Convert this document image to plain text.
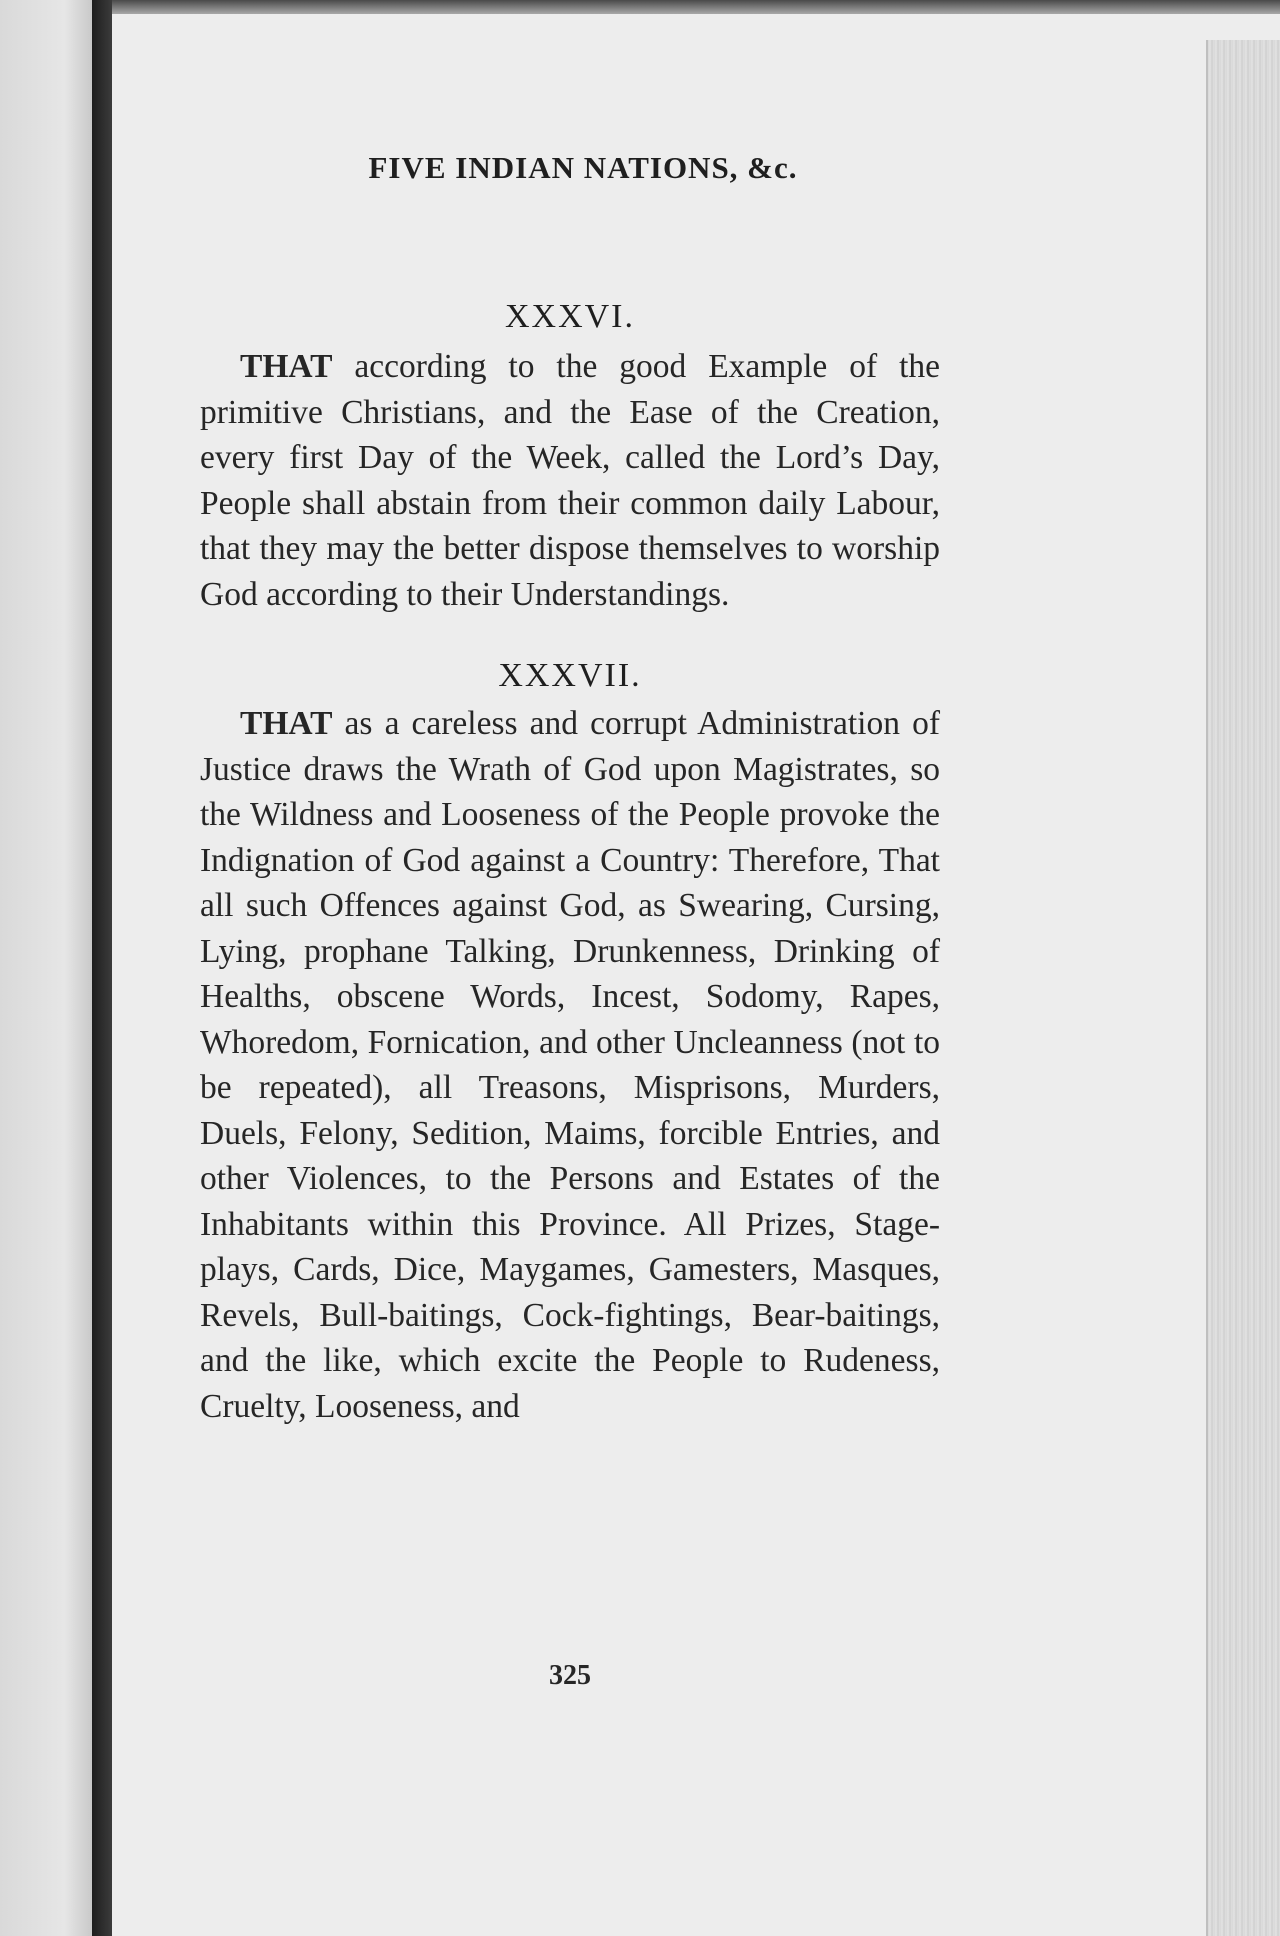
FIVE INDIAN NATIONS, &c.

XXXVI.

THAT according to the good Example of the primitive Christians, and the Ease of the Creation, every first Day of the Week, called the Lord’s Day, People shall abstain from their common daily Labour, that they may the better dispose themselves to worship God according to their Understandings.

XXXVII.

THAT as a careless and corrupt Administration of Justice draws the Wrath of God upon Magistrates, so the Wildness and Looseness of the People provoke the Indignation of God against a Country: Therefore, That all such Offences against God, as Swearing, Cursing, Lying, prophane Talking, Drunkenness, Drinking of Healths, obscene Words, Incest, Sodomy, Rapes, Whoredom, Fornication, and other Uncleanness (not to be repeated), all Treasons, Misprisons, Murders, Duels, Felony, Sedition, Maims, forcible Entries, and other Violences, to the Persons and Estates of the Inhabitants within this Province. All Prizes, Stage-plays, Cards, Dice, Maygames, Gamesters, Masques, Revels, Bull-baitings, Cock-fightings, Bear-baitings, and the like, which excite the People to Rudeness, Cruelty, Looseness, and

325
